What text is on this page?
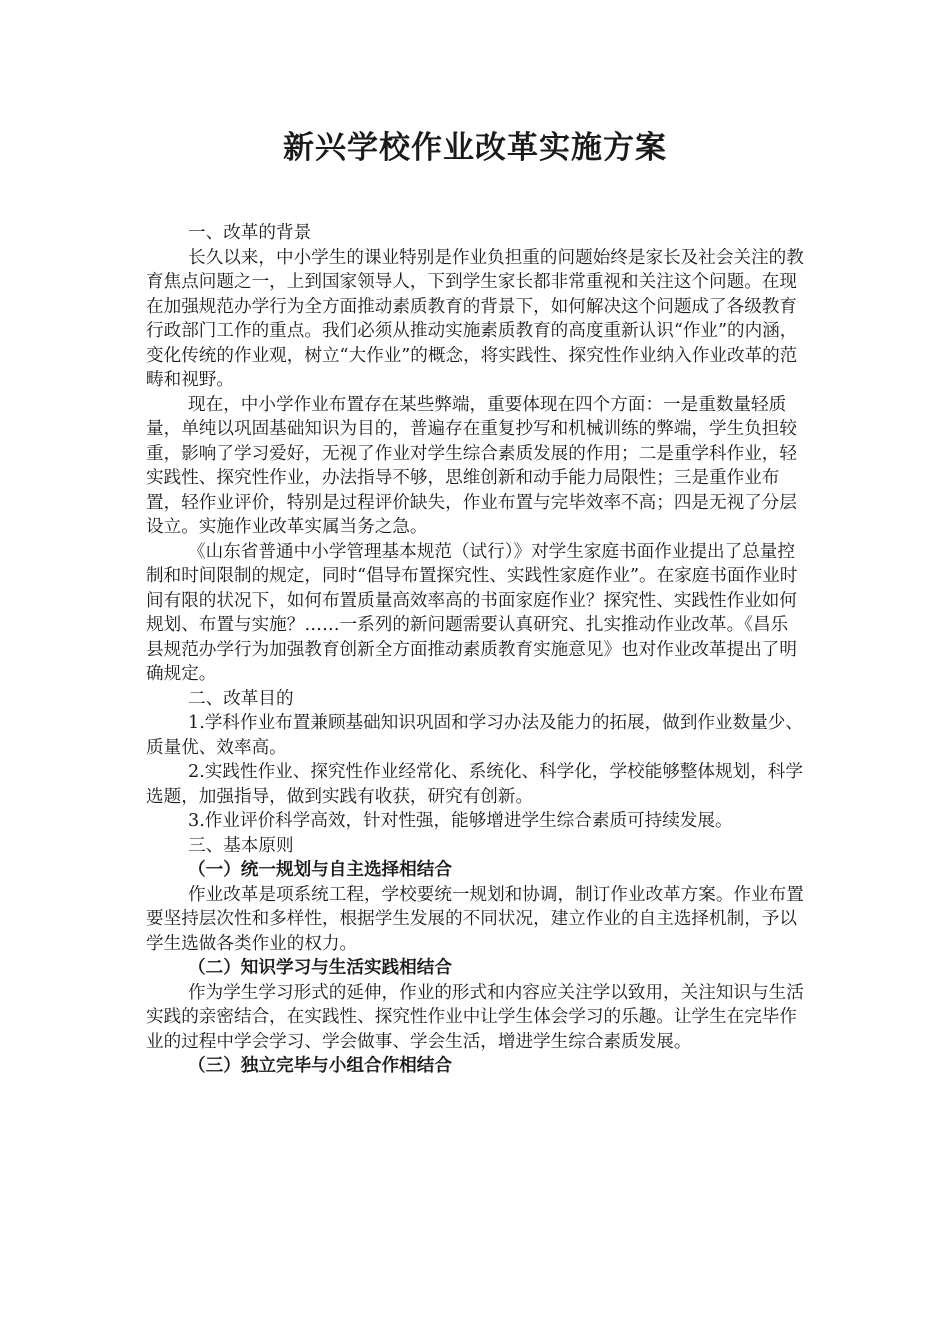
新兴学校作业改革实施方案

一、改革的背景

长久以来，中小学生的课业特别是作业负担重的问题始终是家长及社会关注的教育焦点问题之一，上到国家领导人，下到学生家长都非常重视和关注这个问题。在现在加强规范办学行为全方面推动素质教育的背景下，如何解决这个问题成了各级教育行政部门工作的重点。我们必须从推动实施素质教育的高度重新认识“作业”的内涵，变化传统的作业观，树立“大作业”的概念，将实践性、探究性作业纳入作业改革的范畴和视野。

现在，中小学作业布置存在某些弊端，重要体现在四个方面：一是重数量轻质量，单纯以巩固基础知识为目的，普遍存在重复抄写和机械训练的弊端，学生负担较重，影响了学习爱好，无视了作业对学生综合素质发展的作用；二是重学科作业，轻实践性、探究性作业，办法指导不够，思维创新和动手能力局限性；三是重作业布置，轻作业评价，特别是过程评价缺失，作业布置与完毕效率不高；四是无视了分层设立。实施作业改革实属当务之急。

《山东省普通中小学管理基本规范（试行）》对学生家庭书面作业提出了总量控制和时间限制的规定，同时“倡导布置探究性、实践性家庭作业”。在家庭书面作业时间有限的状况下，如何布置质量高效率高的书面家庭作业？探究性、实践性作业如何规划、布置与实施？……一系列的新问题需要认真研究、扎实推动作业改革。《昌乐县规范办学行为加强教育创新全方面推动素质教育实施意见》也对作业改革提出了明确规定。

二、改革目的

1.学科作业布置兼顾基础知识巩固和学习办法及能力的拓展，做到作业数量少、质量优、效率高。

2.实践性作业、探究性作业经常化、系统化、科学化，学校能够整体规划，科学选题，加强指导，做到实践有收获，研究有创新。

3.作业评价科学高效，针对性强，能够增进学生综合素质可持续发展。

三、基本原则

（一）统一规划与自主选择相结合

作业改革是项系统工程，学校要统一规划和协调，制订作业改革方案。作业布置要坚持层次性和多样性，根据学生发展的不同状况，建立作业的自主选择机制，予以学生选做各类作业的权力。

（二）知识学习与生活实践相结合

作为学生学习形式的延伸，作业的形式和内容应关注学以致用，关注知识与生活实践的亲密结合，在实践性、探究性作业中让学生体会学习的乐趣。让学生在完毕作业的过程中学会学习、学会做事、学会生活，增进学生综合素质发展。

（三）独立完毕与小组合作相结合
